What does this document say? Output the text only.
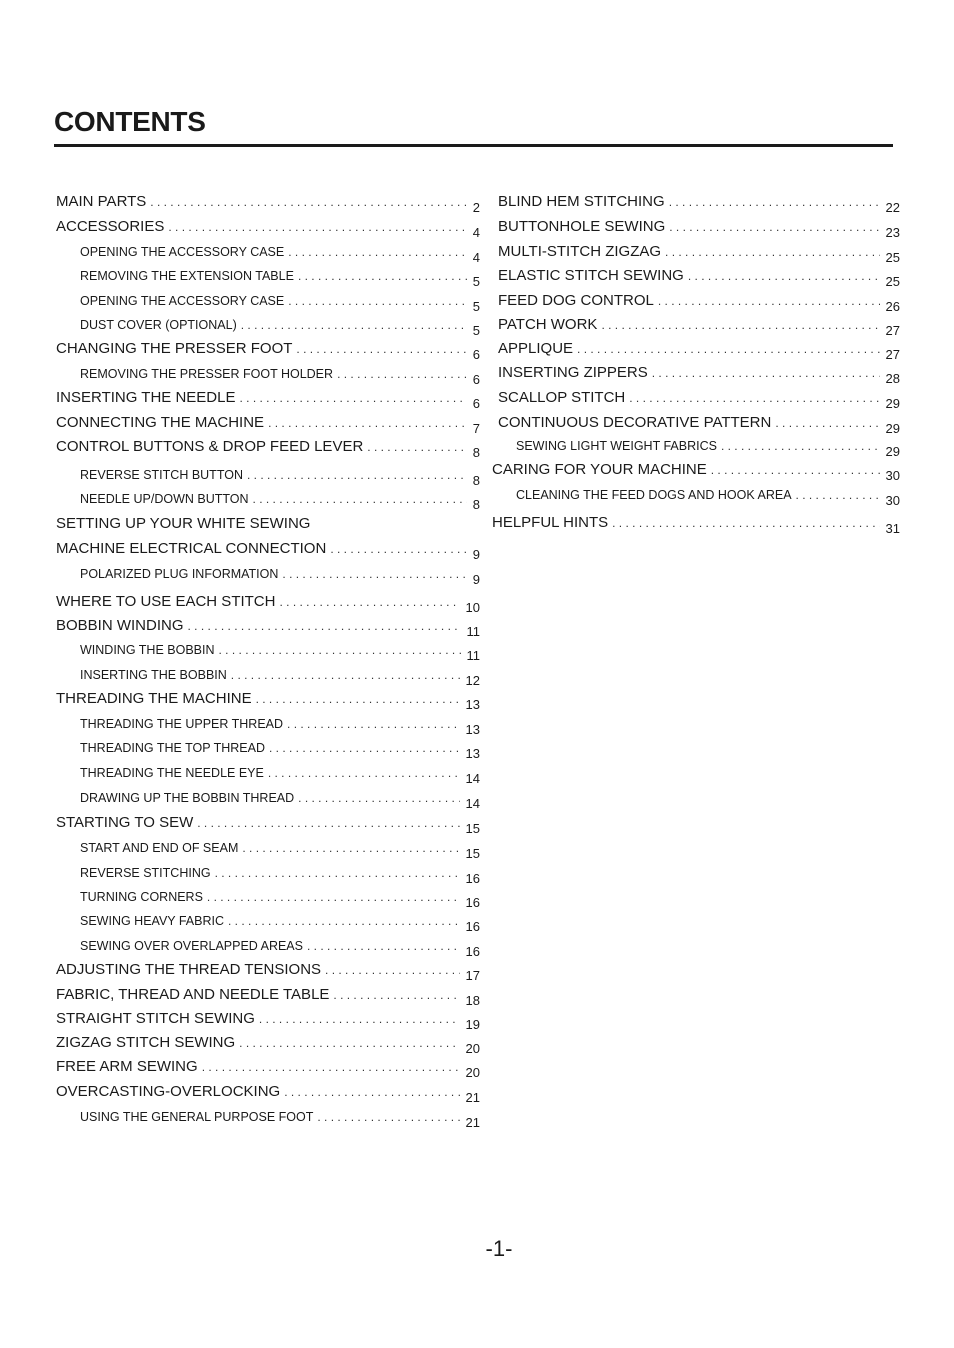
CONTENTS
MAIN PARTS . . .	2
ACCESSORIES . . .	4
OPENING THE ACCESSORY CASE . . .	4
REMOVING THE EXTENSION TABLE . . .	5
OPENING THE ACCESSORY CASE . . .	5
DUST COVER (OPTIONAL) . . .	5
CHANGING THE PRESSER FOOT . . .	6
REMOVING THE PRESSER FOOT HOLDER . . .	6
INSERTING THE NEEDLE . . .	6
CONNECTING THE MACHINE . . .	7
CONTROL BUTTONS & DROP FEED LEVER . . .	8
REVERSE STITCH BUTTON . . .	8
NEEDLE UP/DOWN BUTTON . . .	8
SETTING UP YOUR WHITE SEWING
MACHINE ELECTRICAL CONNECTION . . .	9
POLARIZED PLUG INFORMATION . . .	9
WHERE TO USE EACH STITCH . . .	10
BOBBIN WINDING . . .	11
WINDING THE BOBBIN . . .	11
INSERTING THE BOBBIN . . .	12
THREADING THE MACHINE . . .	13
THREADING THE UPPER THREAD . . .	13
THREADING THE TOP THREAD . . .	13
THREADING THE NEEDLE EYE . . .	14
DRAWING UP THE BOBBIN THREAD . . .	14
STARTING TO SEW . . .	15
START AND END OF SEAM . . .	15
REVERSE STITCHING . . .	16
TURNING CORNERS . . .	16
SEWING HEAVY FABRIC . . .	16
SEWING OVER OVERLAPPED AREAS . . .	16
ADJUSTING THE THREAD TENSIONS . . .	17
FABRIC, THREAD AND NEEDLE TABLE . . .	18
STRAIGHT STITCH SEWING . . .	19
ZIGZAG STITCH SEWING . . .	20
FREE ARM SEWING . . .	20
OVERCASTING-OVERLOCKING . . .	21
USING THE GENERAL PURPOSE FOOT . . .	21
BLIND HEM STITCHING . . .	22
BUTTONHOLE SEWING . . .	23
MULTI-STITCH ZIGZAG . . .	25
ELASTIC STITCH SEWING . . .	25
FEED DOG CONTROL . . .	26
PATCH WORK . . .	27
APPLIQUE . . .	27
INSERTING ZIPPERS . . .	28
SCALLOP STITCH . . .	29
CONTINUOUS DECORATIVE PATTERN . . .	29
SEWING LIGHT WEIGHT FABRICS . . .	29
CARING FOR YOUR MACHINE . . .	30
CLEANING THE FEED DOGS AND HOOK AREA . . .	30
HELPFUL HINTS . . .	31
-1-
